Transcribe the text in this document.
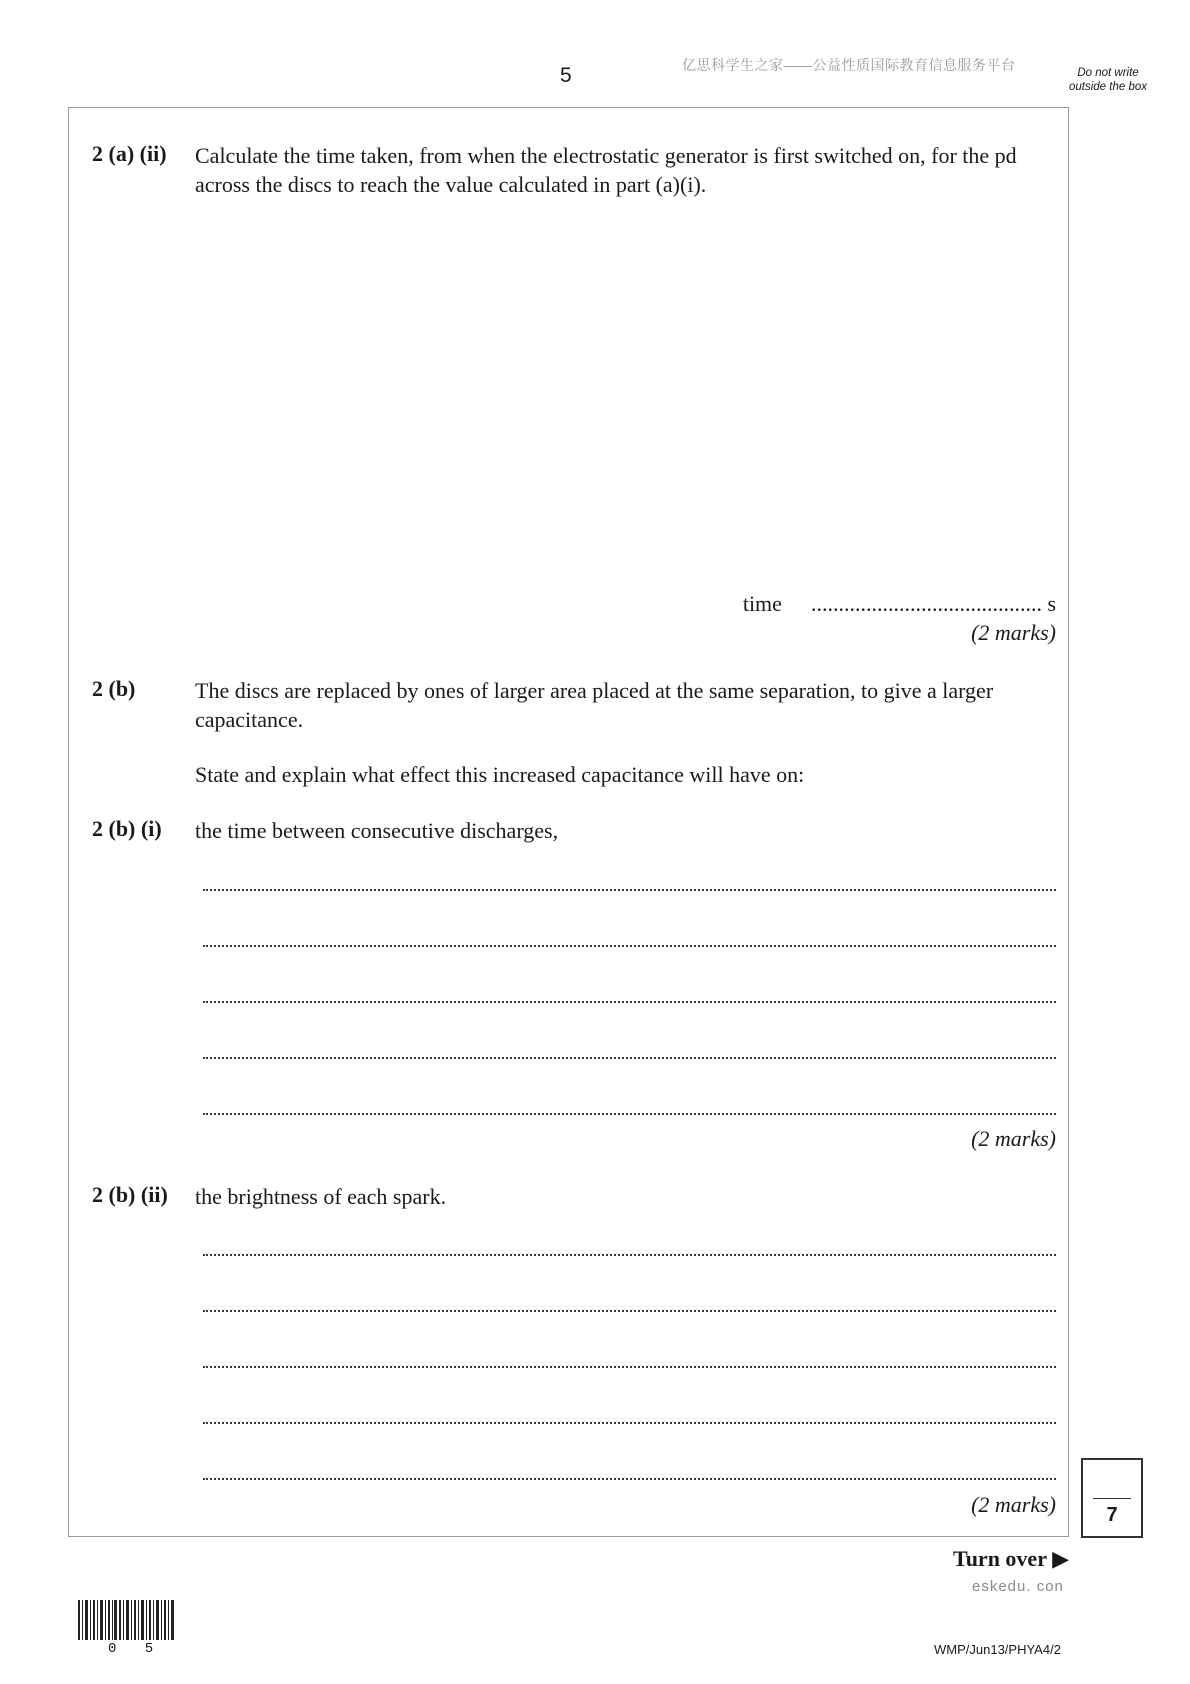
5	亿思科学生之家——公益性质国际教育信息服务平台	Do not write outside the box
2 (a) (ii) Calculate the time taken, from when the electrostatic generator is first switched on, for the pd across the discs to reach the value calculated in part (a)(i).
time .......................................... s
(2 marks)
2 (b)	The discs are replaced by ones of larger area placed at the same separation, to give a larger capacitance.
State and explain what effect this increased capacitance will have on:
2 (b) (i) the time between consecutive discharges,
(2 marks)
2 (b) (ii) the brightness of each spark.
(2 marks)	7
Turn over ▶
eskedu. con
0 5	WMP/Jun13/PHYA4/2
